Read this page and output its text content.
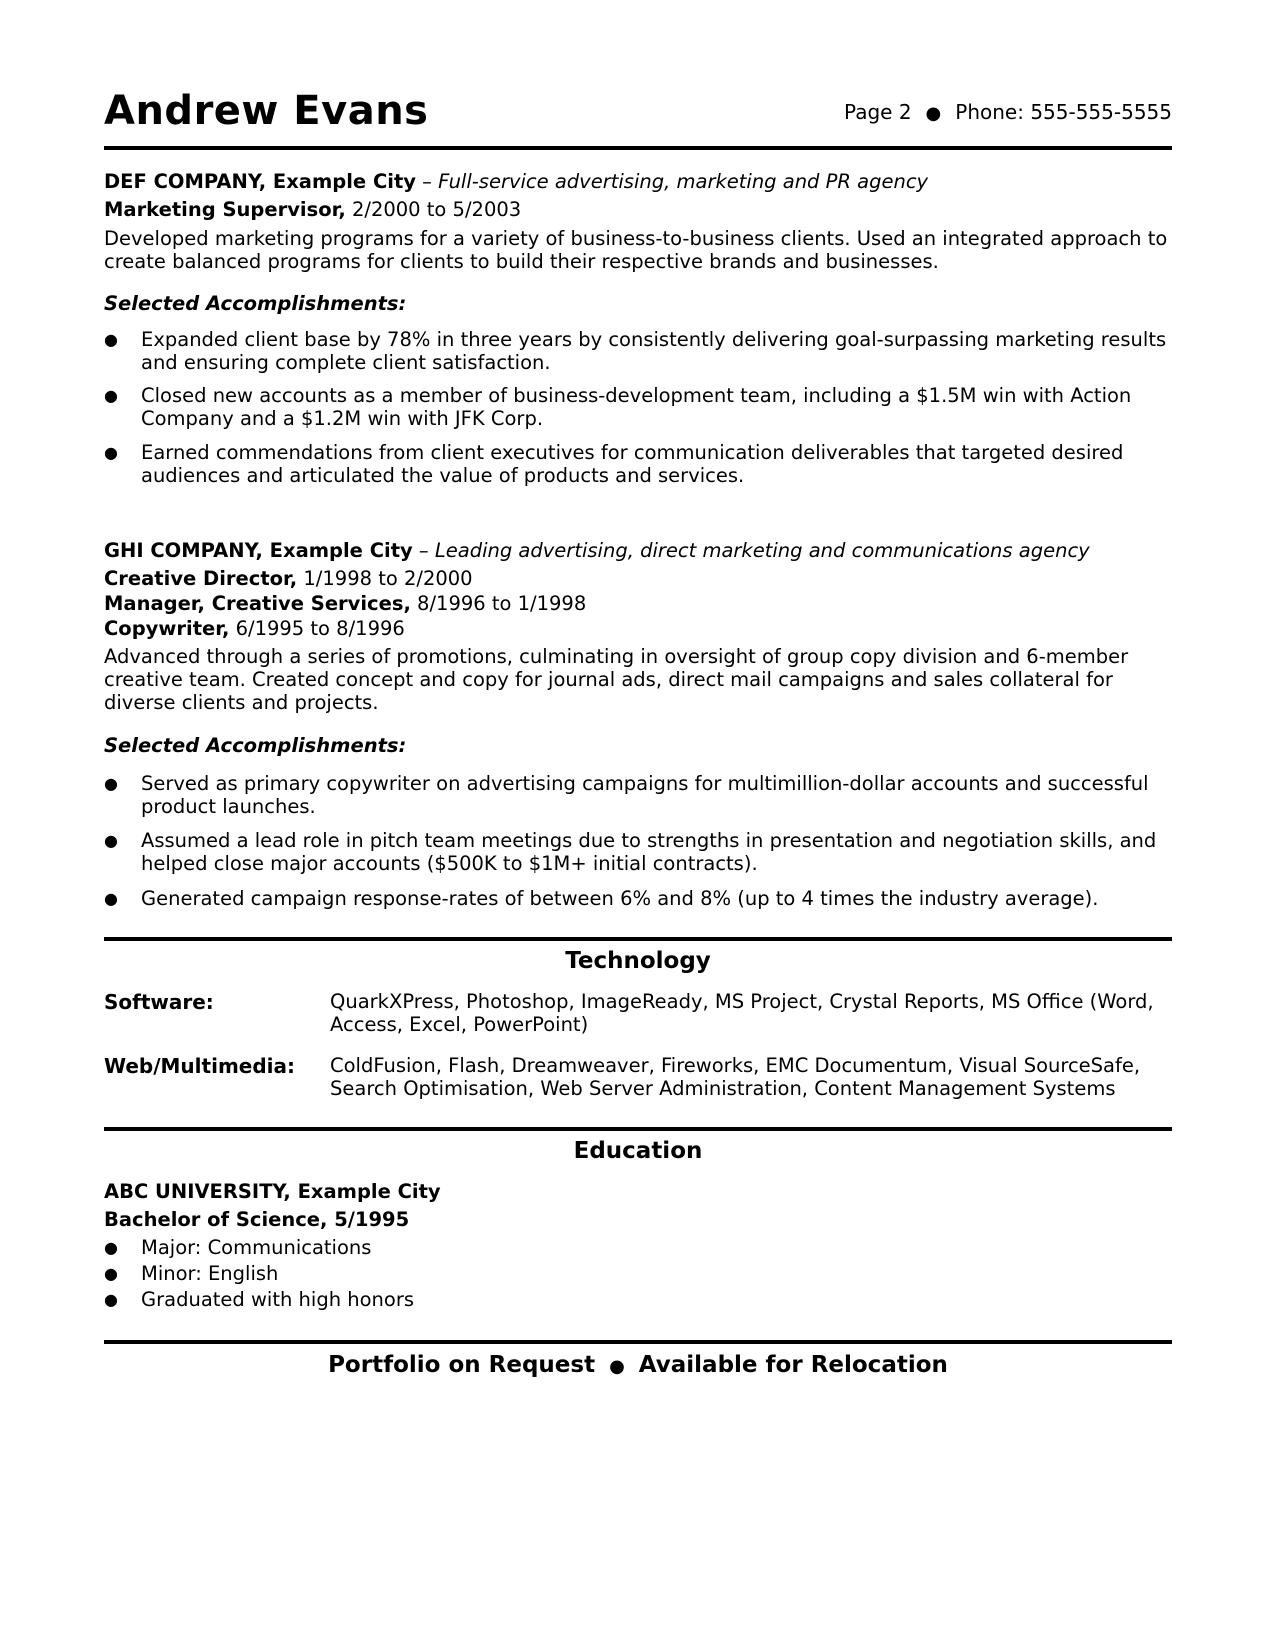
Andrew Evans	Page 2 ● Phone: 555-555-5555
DEF COMPANY, Example City – Full-service advertising, marketing and PR agency
Marketing Supervisor, 2/2000 to 5/2003
Developed marketing programs for a variety of business-to-business clients. Used an integrated approach to create balanced programs for clients to build their respective brands and businesses.
Selected Accomplishments:
● Expanded client base by 78% in three years by consistently delivering goal-surpassing marketing results and ensuring complete client satisfaction.
● Closed new accounts as a member of business-development team, including a $1.5M win with Action Company and a $1.2M win with JFK Corp.
● Earned commendations from client executives for communication deliverables that targeted desired audiences and articulated the value of products and services.
GHI COMPANY, Example City – Leading advertising, direct marketing and communications agency
Creative Director, 1/1998 to 2/2000
Manager, Creative Services, 8/1996 to 1/1998
Copywriter, 6/1995 to 8/1996
Advanced through a series of promotions, culminating in oversight of group copy division and 6-member creative team. Created concept and copy for journal ads, direct mail campaigns and sales collateral for diverse clients and projects.
Selected Accomplishments:
● Served as primary copywriter on advertising campaigns for multimillion-dollar accounts and successful product launches.
● Assumed a lead role in pitch team meetings due to strengths in presentation and negotiation skills, and helped close major accounts ($500K to $1M+ initial contracts).
● Generated campaign response-rates of between 6% and 8% (up to 4 times the industry average).
Technology
Software:	QuarkXPress, Photoshop, ImageReady, MS Project, Crystal Reports, MS Office (Word, Access, Excel, PowerPoint)
Web/Multimedia: ColdFusion, Flash, Dreamweaver, Fireworks, EMC Documentum, Visual SourceSafe, Search Optimisation, Web Server Administration, Content Management Systems
Education
ABC UNIVERSITY, Example City
Bachelor of Science, 5/1995
● Major: Communications
● Minor: English
● Graduated with high honors
Portfolio on Request ● Available for Relocation
